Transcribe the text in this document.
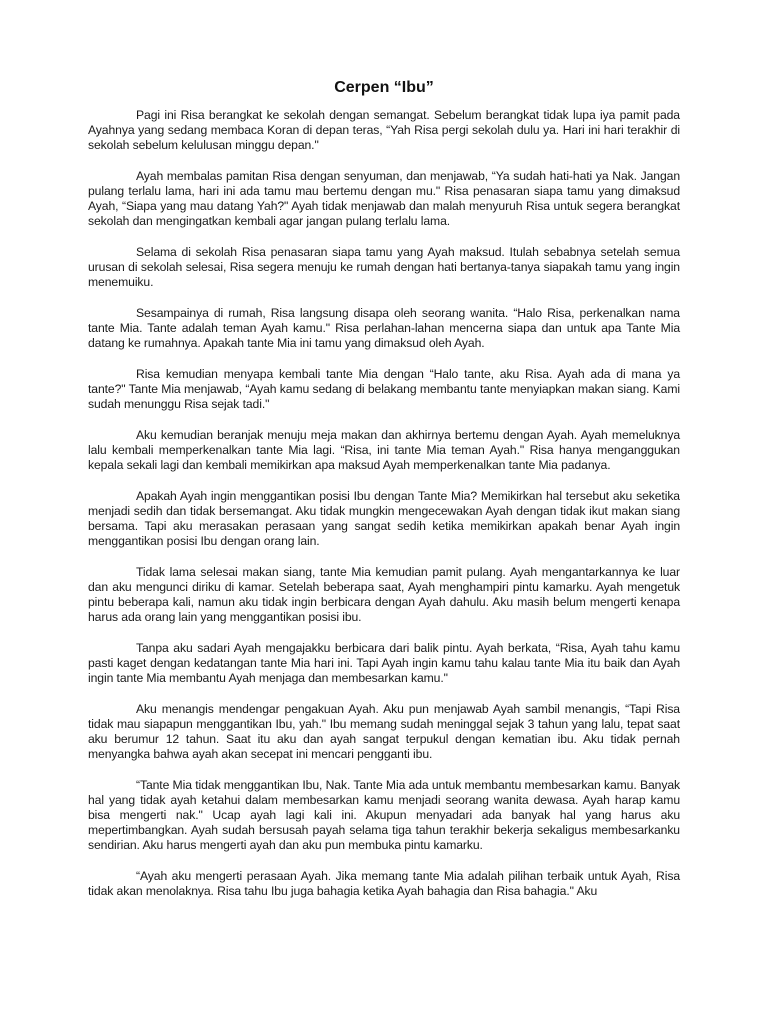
Cerpen “Ibu”

Pagi ini Risa berangkat ke sekolah dengan semangat. Sebelum berangkat tidak lupa iya pamit pada Ayahnya yang sedang membaca Koran di depan teras, “Yah Risa pergi sekolah dulu ya. Hari ini hari terakhir di sekolah sebelum kelulusan minggu depan."

Ayah membalas pamitan Risa dengan senyuman, dan menjawab, “Ya sudah hati-hati ya Nak. Jangan pulang terlalu lama, hari ini ada tamu mau bertemu dengan mu." Risa penasaran siapa tamu yang dimaksud Ayah, “Siapa yang mau datang Yah?" Ayah tidak menjawab dan malah menyuruh Risa untuk segera berangkat sekolah dan mengingatkan kembali agar jangan pulang terlalu lama.

Selama di sekolah Risa penasaran siapa tamu yang Ayah maksud. Itulah sebabnya setelah semua urusan di sekolah selesai, Risa segera menuju ke rumah dengan hati bertanya-tanya siapakah tamu yang ingin menemuiku.

Sesampainya di rumah, Risa langsung disapa oleh seorang wanita. “Halo Risa, perkenalkan nama tante Mia. Tante adalah teman Ayah kamu." Risa perlahan-lahan mencerna siapa dan untuk apa Tante Mia datang ke rumahnya. Apakah tante Mia ini tamu yang dimaksud oleh Ayah.

Risa kemudian menyapa kembali tante Mia dengan “Halo tante, aku Risa. Ayah ada di mana ya tante?" Tante Mia menjawab, “Ayah kamu sedang di belakang membantu tante menyiapkan makan siang. Kami sudah menunggu Risa sejak tadi."

Aku kemudian beranjak menuju meja makan dan akhirnya bertemu dengan Ayah. Ayah memeluknya lalu kembali memperkenalkan tante Mia lagi. “Risa, ini tante Mia teman Ayah." Risa hanya menganggukan kepala sekali lagi dan kembali memikirkan apa maksud Ayah memperkenalkan tante Mia padanya.

Apakah Ayah ingin menggantikan posisi Ibu dengan Tante Mia? Memikirkan hal tersebut aku seketika menjadi sedih dan tidak bersemangat. Aku tidak mungkin mengecewakan Ayah dengan tidak ikut makan siang bersama. Tapi aku merasakan perasaan yang sangat sedih ketika memikirkan apakah benar Ayah ingin menggantikan posisi Ibu dengan orang lain.

Tidak lama selesai makan siang, tante Mia kemudian pamit pulang. Ayah mengantarkannya ke luar dan aku mengunci diriku di kamar. Setelah beberapa saat, Ayah menghampiri pintu kamarku. Ayah mengetuk pintu beberapa kali, namun aku tidak ingin berbicara dengan Ayah dahulu. Aku masih belum mengerti kenapa harus ada orang lain yang menggantikan posisi ibu.

Tanpa aku sadari Ayah mengajakku berbicara dari balik pintu. Ayah berkata, “Risa, Ayah tahu kamu pasti kaget dengan kedatangan tante Mia hari ini. Tapi Ayah ingin kamu tahu kalau tante Mia itu baik dan Ayah ingin tante Mia membantu Ayah menjaga dan membesarkan kamu."

Aku menangis mendengar pengakuan Ayah. Aku pun menjawab Ayah sambil menangis, “Tapi Risa tidak mau siapapun menggantikan Ibu, yah." Ibu memang sudah meninggal sejak 3 tahun yang lalu, tepat saat aku berumur 12 tahun. Saat itu aku dan ayah sangat terpukul dengan kematian ibu. Aku tidak pernah menyangka bahwa ayah akan secepat ini mencari pengganti ibu.

“Tante Mia tidak menggantikan Ibu, Nak. Tante Mia ada untuk membantu membesarkan kamu. Banyak hal yang tidak ayah ketahui dalam membesarkan kamu menjadi seorang wanita dewasa. Ayah harap kamu bisa mengerti nak." Ucap ayah lagi kali ini. Akupun menyadari ada banyak hal yang harus aku mepertimbangkan. Ayah sudah bersusah payah selama tiga tahun terakhir bekerja sekaligus membesarkanku sendirian. Aku harus mengerti ayah dan aku pun membuka pintu kamarku.

“Ayah aku mengerti perasaan Ayah. Jika memang tante Mia adalah pilihan terbaik untuk Ayah, Risa tidak akan menolaknya. Risa tahu Ibu juga bahagia ketika Ayah bahagia dan Risa bahagia." Aku
